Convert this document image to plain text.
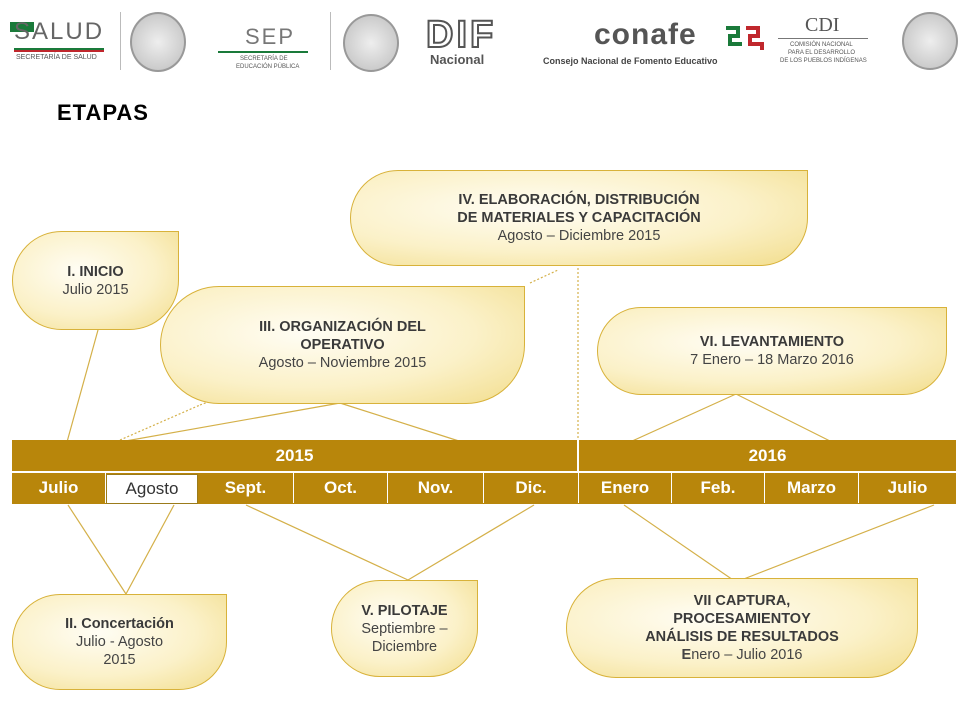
SALUD
SECRETARÍA DE SALUD
SEP
SECRETARÍA DE
EDUCACIÓN PÚBLICA
DIF
Nacional
conafe
Consejo Nacional de Fomento Educativo
CDI
COMISIÓN NACIONAL
PARA EL DESARROLLO
DE LOS PUEBLOS INDÍGENAS
ETAPAS
I. INICIO
Julio 2015
II. Concertación
Julio - Agosto
2015
III. ORGANIZACIÓN DEL
OPERATIVO
Agosto – Noviembre 2015
IV. ELABORACIÓN, DISTRIBUCIÓN
DE MATERIALES Y CAPACITACIÓN
Agosto – Diciembre 2015
V. PILOTAJE
Septiembre –
Diciembre
VI. LEVANTAMIENTO
7 Enero – 18 Marzo 2016
VII CAPTURA,
PROCESAMIENTOY
ANÁLISIS DE RESULTADOS
Enero – Julio 2016
2015	2016
Julio	Agosto	Sept.	Oct.	Nov.	Dic.	Enero	Feb.	Marzo	Julio
